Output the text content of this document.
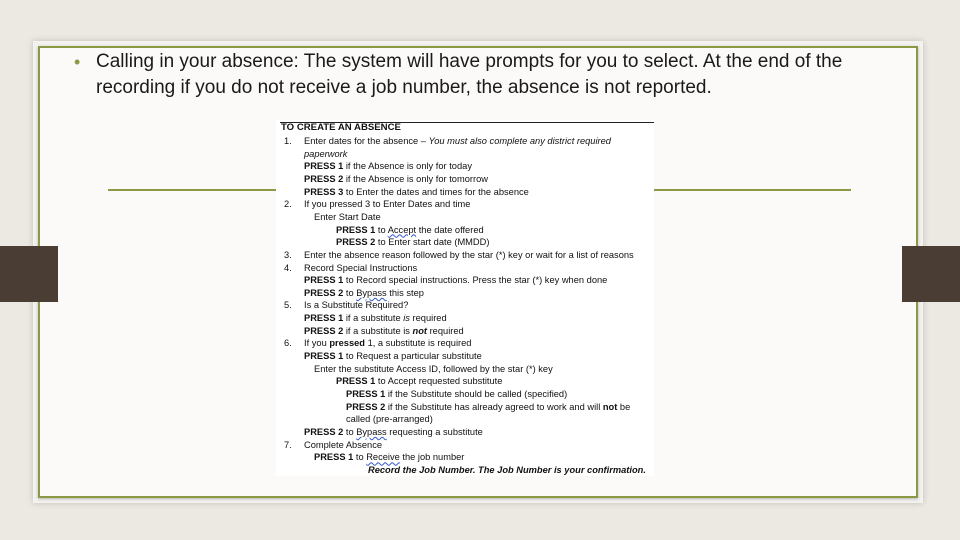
• Calling in your absence: The system will have prompts for you to select. At the end of the recording if you do not receive a job number, the absence is not reported.
TO CREATE AN ABSENCE
1. Enter dates for the absence – You must also complete any district required
paperwork
PRESS 1 if the Absence is only for today
PRESS 2 if the Absence is only for tomorrow
PRESS 3 to Enter the dates and times for the absence
2. If you pressed 3 to Enter Dates and time
Enter Start Date
PRESS 1 to Accept the date offered
PRESS 2 to Enter start date (MMDD)
3. Enter the absence reason followed by the star (*) key or wait for a list of reasons
4. Record Special Instructions
PRESS 1 to Record special instructions. Press the star (*) key when done
PRESS 2 to Bypass this step
5. Is a Substitute Required?
PRESS 1 if a substitute is required
PRESS 2 if a substitute is not required
6. If you pressed 1, a substitute is required
PRESS 1 to Request a particular substitute
Enter the substitute Access ID, followed by the star (*) key
PRESS 1 to Accept requested substitute
PRESS 1 if the Substitute should be called (specified)
PRESS 2 if the Substitute has already agreed to work and will not be
called (pre-arranged)
PRESS 2 to Bypass requesting a substitute
7. Complete Absence
PRESS 1 to Receive the job number
Record the Job Number. The Job Number is your confirmation.
